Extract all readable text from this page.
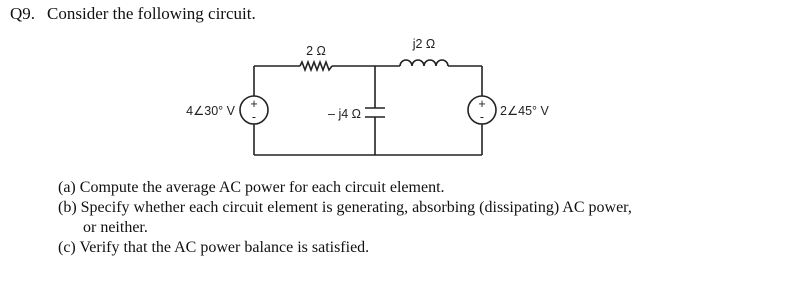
Q9. Consider the following circuit.
+
-
+
-
2 Ω	j2 Ω
– j4 Ω
4∠30° V	2∠45° V
(a) Compute the average AC power for each circuit element.
(b) Specify whether each circuit element is generating, absorbing (dissipating) AC power,
or neither.
(c) Verify that the AC power balance is satisfied.
